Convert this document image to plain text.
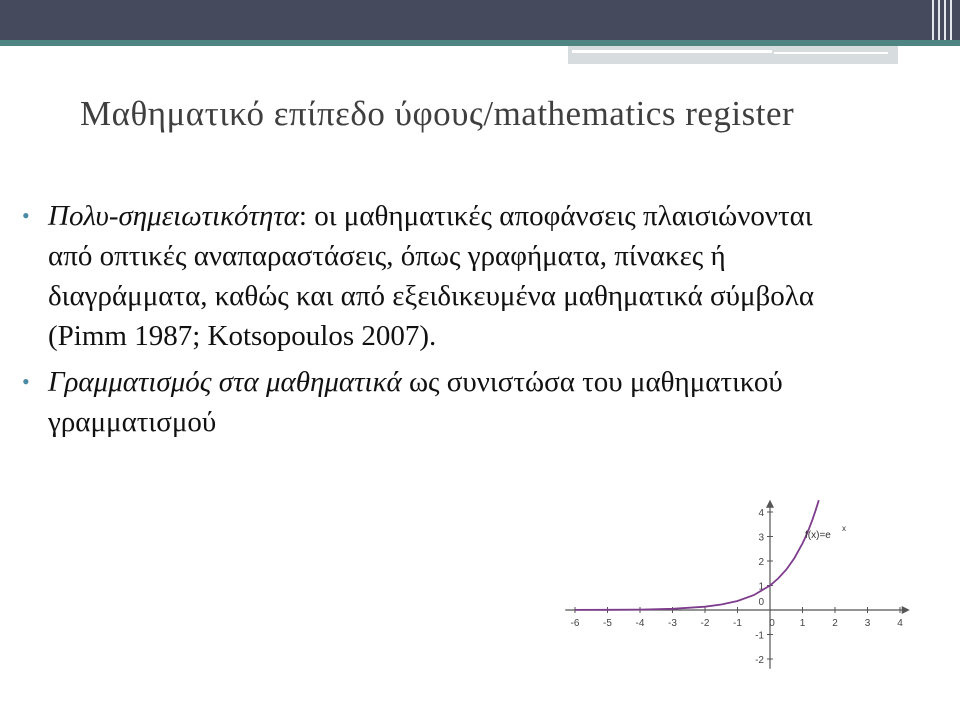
Μαθηματικό επίπεδο ύφους/mathematics register
• Πολυ-σημειωτικότητα: οι μαθηματικές αποφάνσεις πλαισιώνονται από οπτικές αναπαραστάσεις, όπως γραφήματα, πίνακες ή διαγράμματα, καθώς και από εξειδικευμένα μαθηματικά σύμβολα (Pimm 1987; Kotsopoulos 2007).
• Γραμματισμός στα μαθηματικά ως συνιστώσα του μαθηματικού γραμματισμού
-6 -5 -4 -3 -2 -1	0 1	2	3	4
4
3
2
1
0
-1
-2
f(x)=e
x
